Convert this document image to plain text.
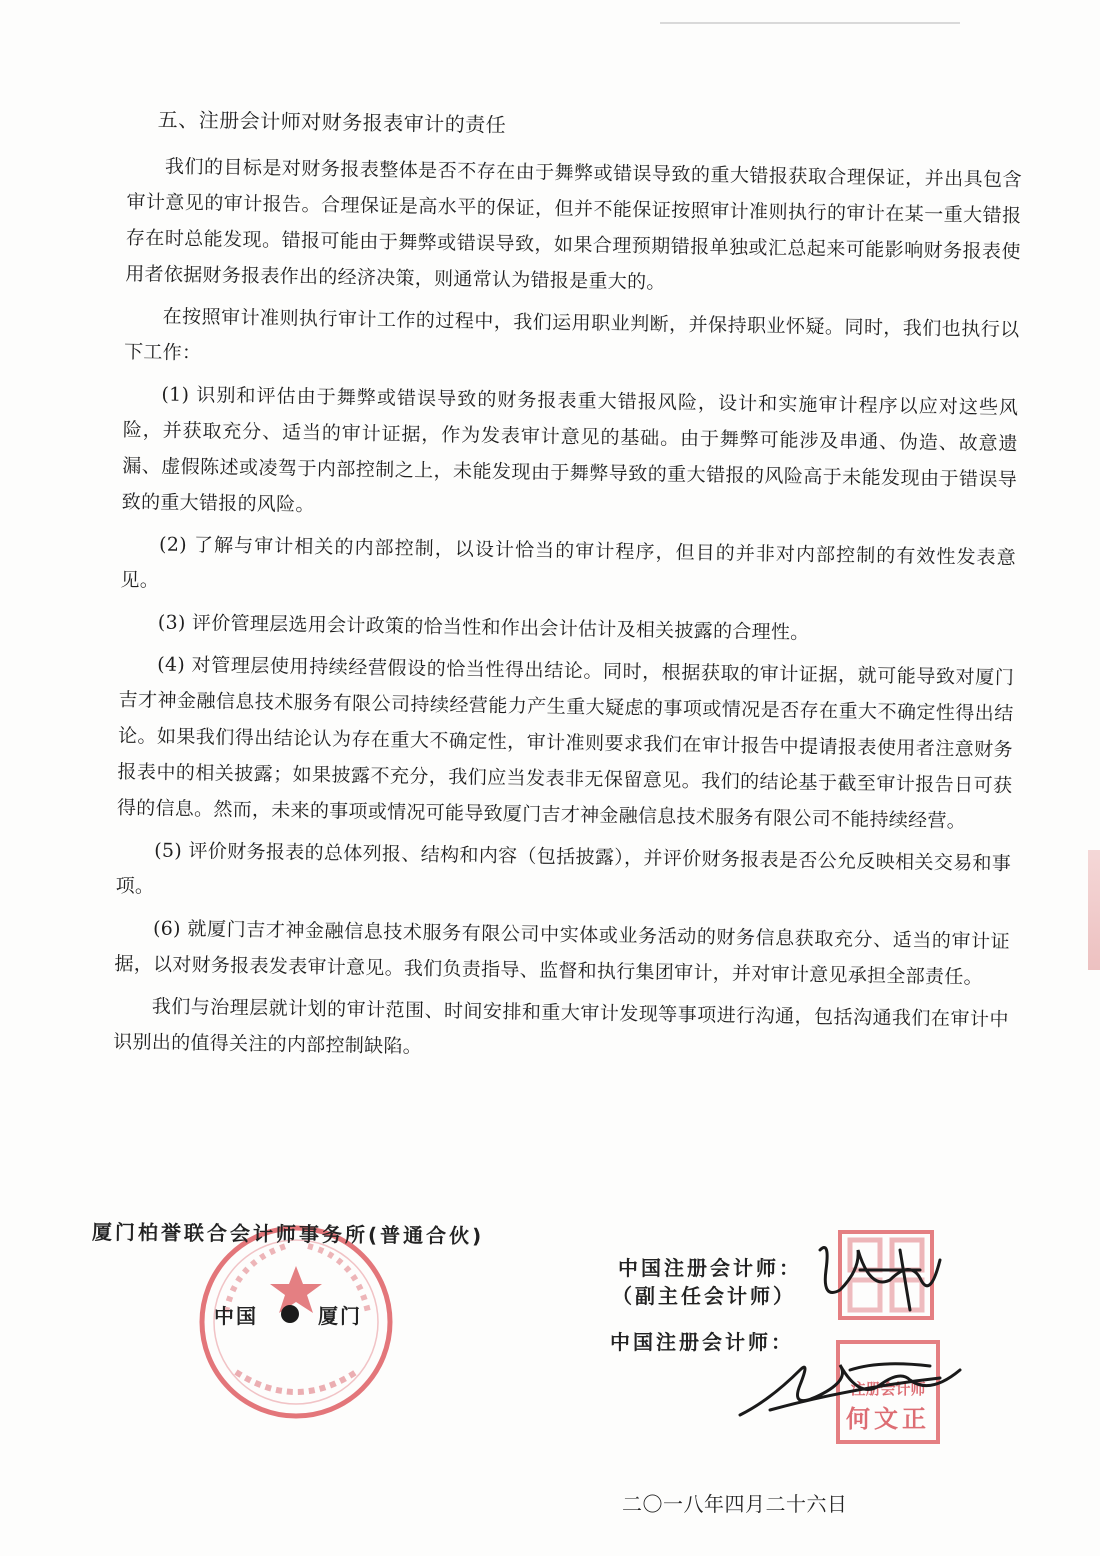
五、注册会计师对财务报表审计的责任

我们的目标是对财务报表整体是否不存在由于舞弊或错误导致的重大错报获取合理保证，并出具包含审计意见的审计报告。合理保证是高水平的保证，但并不能保证按照审计准则执行的审计在某一重大错报存在时总能发现。错报可能由于舞弊或错误导致，如果合理预期错报单独或汇总起来可能影响财务报表使用者依据财务报表作出的经济决策，则通常认为错报是重大的。

在按照审计准则执行审计工作的过程中，我们运用职业判断，并保持职业怀疑。同时，我们也执行以下工作：

(1) 识别和评估由于舞弊或错误导致的财务报表重大错报风险，设计和实施审计程序以应对这些风险，并获取充分、适当的审计证据，作为发表审计意见的基础。由于舞弊可能涉及串通、伪造、故意遗漏、虚假陈述或凌驾于内部控制之上，未能发现由于舞弊导致的重大错报的风险高于未能发现由于错误导致的重大错报的风险。

(2) 了解与审计相关的内部控制，以设计恰当的审计程序，但目的并非对内部控制的有效性发表意见。

(3) 评价管理层选用会计政策的恰当性和作出会计估计及相关披露的合理性。

(4) 对管理层使用持续经营假设的恰当性得出结论。同时，根据获取的审计证据，就可能导致对厦门吉才神金融信息技术服务有限公司持续经营能力产生重大疑虑的事项或情况是否存在重大不确定性得出结论。如果我们得出结论认为存在重大不确定性，审计准则要求我们在审计报告中提请报表使用者注意财务报表中的相关披露；如果披露不充分，我们应当发表非无保留意见。我们的结论基于截至审计报告日可获得的信息。然而，未来的事项或情况可能导致厦门吉才神金融信息技术服务有限公司不能持续经营。

(5) 评价财务报表的总体列报、结构和内容（包括披露），并评价财务报表是否公允反映相关交易和事项。

(6) 就厦门吉才神金融信息技术服务有限公司中实体或业务活动的财务信息获取充分、适当的审计证据，以对财务报表发表审计意见。我们负责指导、监督和执行集团审计，并对审计意见承担全部责任。

我们与治理层就计划的审计范围、时间安排和重大审计发现等事项进行沟通，包括沟通我们在审计中识别出的值得关注的内部控制缺陷。

厦门柏誉联合会计师事务所(普通合伙)
中国	厦门
中国注册会计师：
（副主任会计师）
中国注册会计师：
注册会计师
何文正
二〇一八年四月二十六日
